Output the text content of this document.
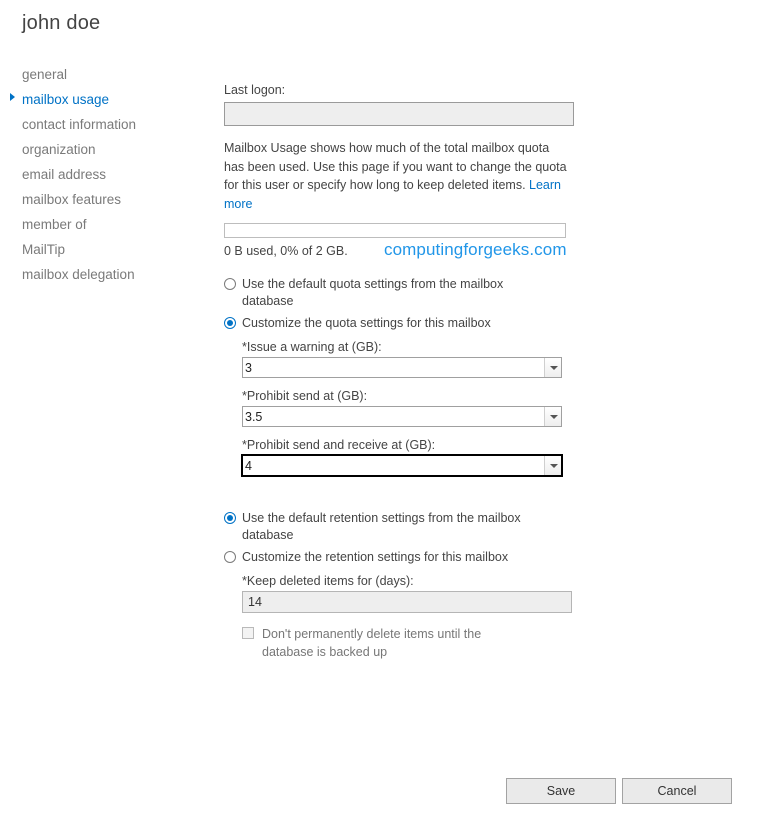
john doe
general
mailbox usage
contact information
organization
email address
mailbox features
member of
MailTip
mailbox delegation
Last logon:
Mailbox Usage shows how much of the total mailbox quota has been used. Use this page if you want to change the quota for this user or specify how long to keep deleted items. Learn more
0 B used, 0% of 2 GB. computingforgeeks.com
Use the default quota settings from the mailbox database
Customize the quota settings for this mailbox
*Issue a warning at (GB):
3
*Prohibit send at (GB):
3.5
*Prohibit send and receive at (GB):
4
Use the default retention settings from the mailbox database
Customize the retention settings for this mailbox
*Keep deleted items for (days):
14
Don't permanently delete items until the database is backed up
Save	Cancel
